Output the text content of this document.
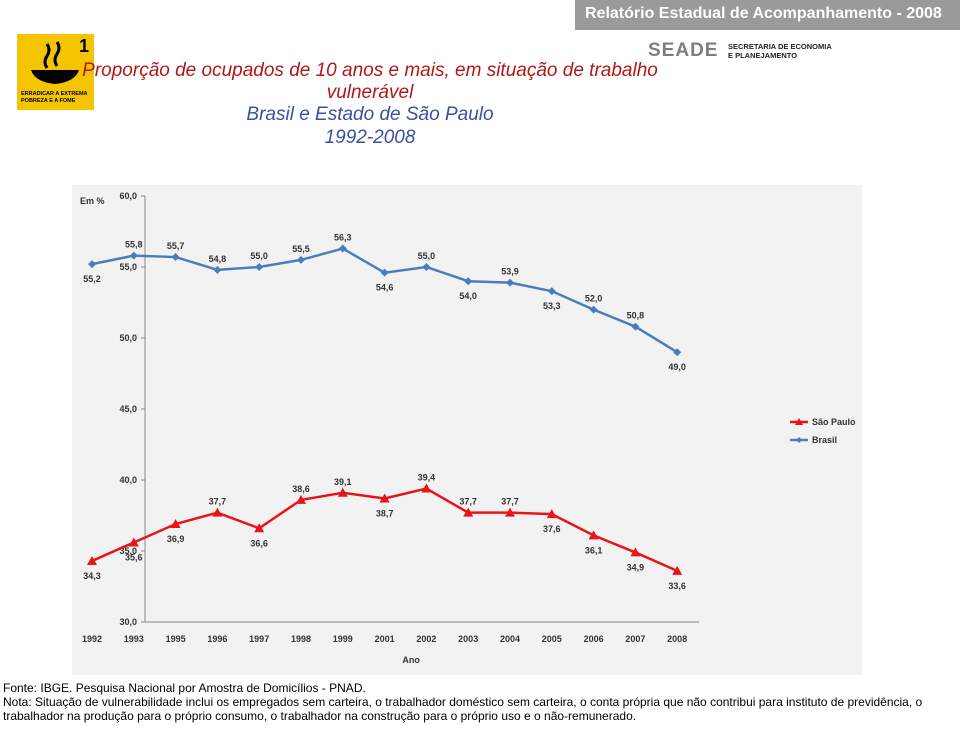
Relatório Estadual de Acompanhamento - 2008
1
ERRADICAR A EXTREMA
POBREZA E A FOME
SEADE SECRETARIA DE ECONOMIA
E PLANEJAMENTO
Proporção de ocupados de 10 anos e mais, em situação de trabalho
vulnerável
Brasil e Estado de São Paulo
1992-2008
30,0
35,0
40,0
45,0
50,0
55,0
60,0
Em %
1992 1993 1995 1996 1997 1998 1999 2001 2002 2003 2004 2005 2006 2007 2008
Ano
34,3
35,6
36,9
37,7
36,6
38,6
39,1
38,7
39,4
37,7	37,7
37,6
36,1
34,9
33,6
55,2
55,8	55,7
54,8	55,0
55,5
56,3
54,6
55,0
54,0
53,9
53,3
52,0
50,8
49,0
São Paulo
Brasil
Fonte: IBGE. Pesquisa Nacional por Amostra de Domicílios - PNAD.
Nota: Situação de vulnerabilidade inclui os empregados sem carteira, o trabalhador doméstico sem carteira, o conta própria que não contribui para instituto de previdência, o trabalhador na produção para o próprio consumo, o trabalhador na construção para o próprio uso e o não-remunerado.
